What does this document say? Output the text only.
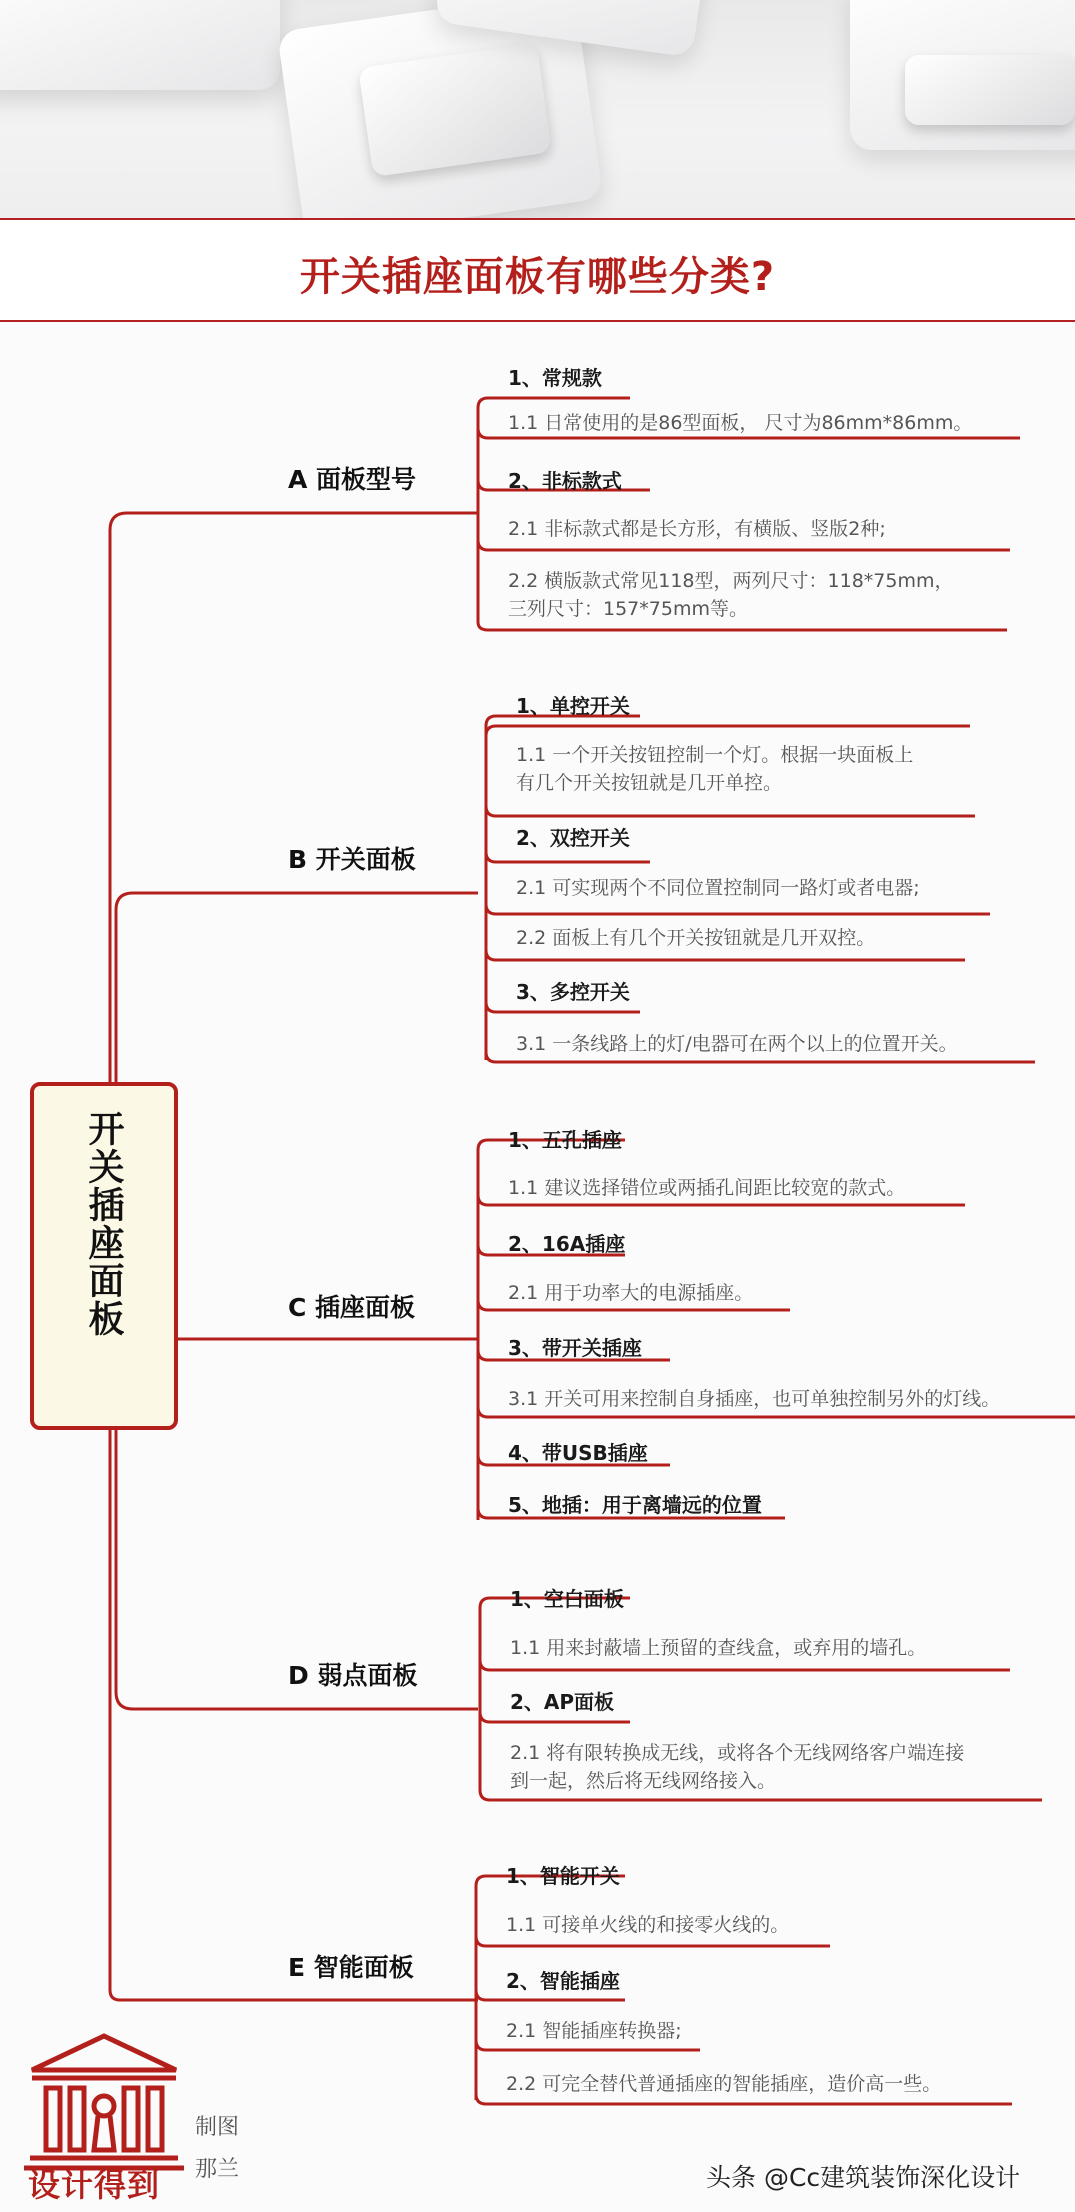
开关插座面板有哪些分类?
开关插座面板
A 面板型号
B 开关面板
C 插座面板
D 弱点面板
E 智能面板
1、常规款
1.1 日常使用的是86型面板， 尺寸为86mm*86mm。
2、非标款式
2.1 非标款式都是长方形，有横版、竖版2种;
2.2 横版款式常见118型，两列尺寸：118*75mm，
三列尺寸：157*75mm等。
1、单控开关
1.1 一个开关按钮控制一个灯。根据一块面板上
有几个开关按钮就是几开单控。
2、双控开关
2.1 可实现两个不同位置控制同一路灯或者电器;
2.2 面板上有几个开关按钮就是几开双控。
3、多控开关
3.1 一条线路上的灯/电器可在两个以上的位置开关。
1、五孔插座
1.1 建议选择错位或两插孔间距比较宽的款式。
2、16A插座
2.1 用于功率大的电源插座。
3、带开关插座
3.1 开关可用来控制自身插座，也可单独控制另外的灯线。
4、带USB插座
5、地插：用于离墙远的位置
1、空白面板
1.1 用来封蔽墙上预留的查线盒，或弃用的墙孔。
2、AP面板
2.1 将有限转换成无线，或将各个无线网络客户端连接
到一起，然后将无线网络接入。
1、智能开关
1.1 可接单火线的和接零火线的。
2、智能插座
2.1 智能插座转换器;
2.2 可完全替代普通插座的智能插座，造价高一些。
设计得到
制图
那兰	头条 @Cc建筑装饰深化设计
